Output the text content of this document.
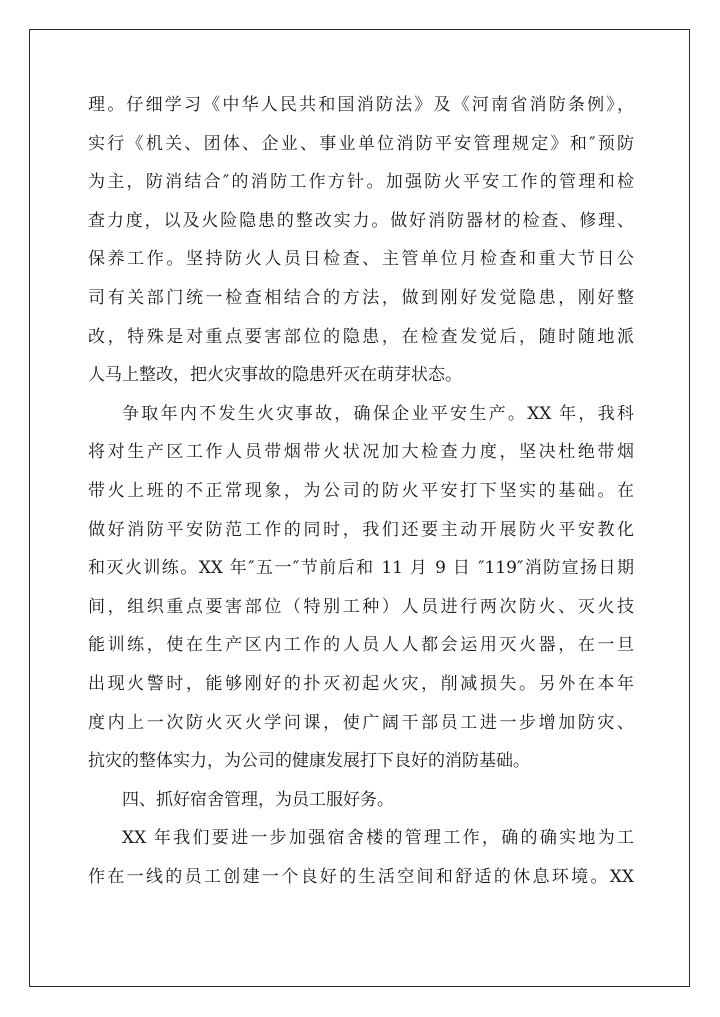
理。仔细学习《中华人民共和国消防法》及《河南省消防条例》，
实行《机关、团体、企业、事业单位消防平安管理规定》和″预防
为主，防消结合″的消防工作方针。加强防火平安工作的管理和检
查力度，以及火险隐患的整改实力。做好消防器材的检查、修理、
保养工作。坚持防火人员日检查、主管单位月检查和重大节日公
司有关部门统一检查相结合的方法，做到刚好发觉隐患，刚好整
改，特殊是对重点要害部位的隐患，在检查发觉后，随时随地派
人马上整改，把火灾事故的隐患歼灭在萌芽状态。
争取年内不发生火灾事故，确保企业平安生产。XX 年，我科
将对生产区工作人员带烟带火状况加大检查力度，坚决杜绝带烟
带火上班的不正常现象，为公司的防火平安打下坚实的基础。在
做好消防平安防范工作的同时，我们还要主动开展防火平安教化
和灭火训练。XX 年″五一″节前后和 11 月 9 日 ″119″消防宣扬日期
间，组织重点要害部位（特别工种）人员进行两次防火、灭火技
能训练，使在生产区内工作的人员人人都会运用灭火器，在一旦
出现火警时，能够刚好的扑灭初起火灾，削减损失。另外在本年
度内上一次防火灭火学问课，使广阔干部员工进一步增加防灾、
抗灾的整体实力，为公司的健康发展打下良好的消防基础。
四、抓好宿舍管理，为员工服好务。
XX 年我们要进一步加强宿舍楼的管理工作，确的确实地为工
作在一线的员工创建一个良好的生活空间和舒适的休息环境。XX
